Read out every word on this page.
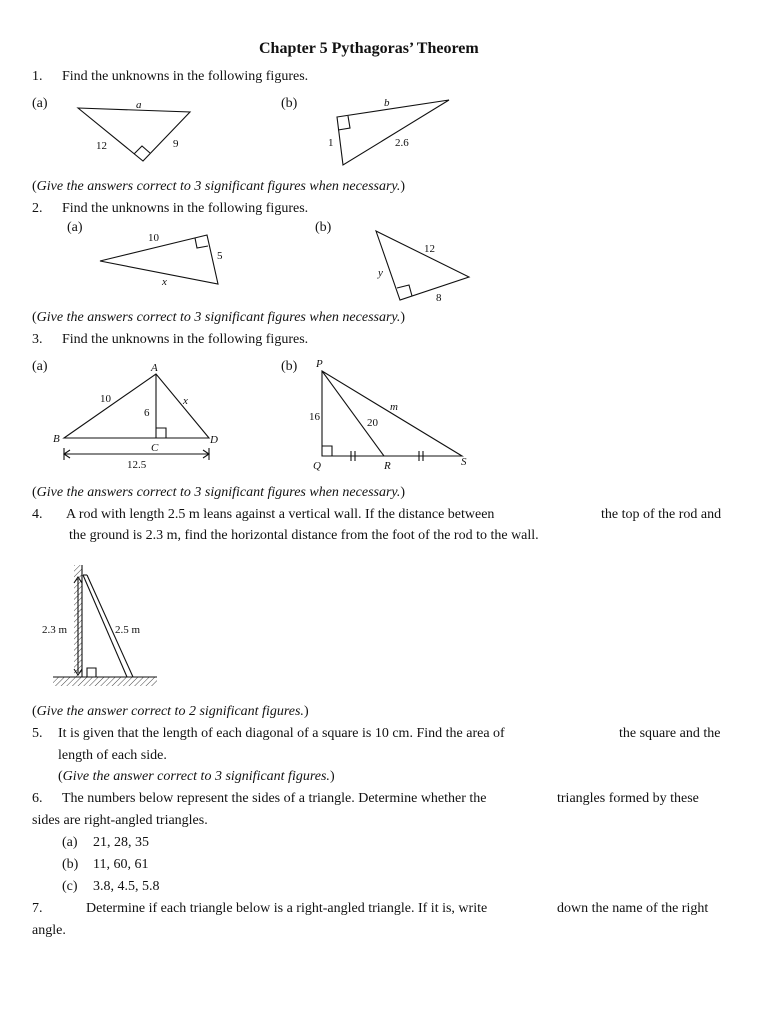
Chapter 5 Pythagoras’ Theorem
1. Find the unknowns in the following figures.
(a)	(b)
a
12	9
b
1	2.6
(Give the answers correct to 3 significant figures when necessary.)
2. Find the unknowns in the following figures.
(a)	(b)
10
5
x
12
y
8
(Give the answers correct to 3 significant figures when necessary.)
3. Find the unknowns in the following figures.
(a)	(b)
A
B
C
D
10	x
6
12.5
P
Q	R	S
16	20
m
(Give the answers correct to 3 significant figures when necessary.)
4. A rod with length 2.5 m leans against a vertical wall. If the distance between	the top of the rod and
the ground is 2.3 m, find the horizontal distance from the foot of the rod to the wall.
2.3 m	2.5 m
(Give the answer correct to 2 significant figures.)
5. It is given that the length of each diagonal of a square is 10 cm. Find the area of	the square and the
length of each side.
(Give the answer correct to 3 significant figures.)
6. The numbers below represent the sides of a triangle. Determine whether the	triangles formed by these
sides are right-angled triangles.
(a) 21, 28, 35
(b) 11, 60, 61
(c) 3.8, 4.5, 5.8
7.	Determine if each triangle below is a right-angled triangle. If it is, write	down the name of the right
angle.
